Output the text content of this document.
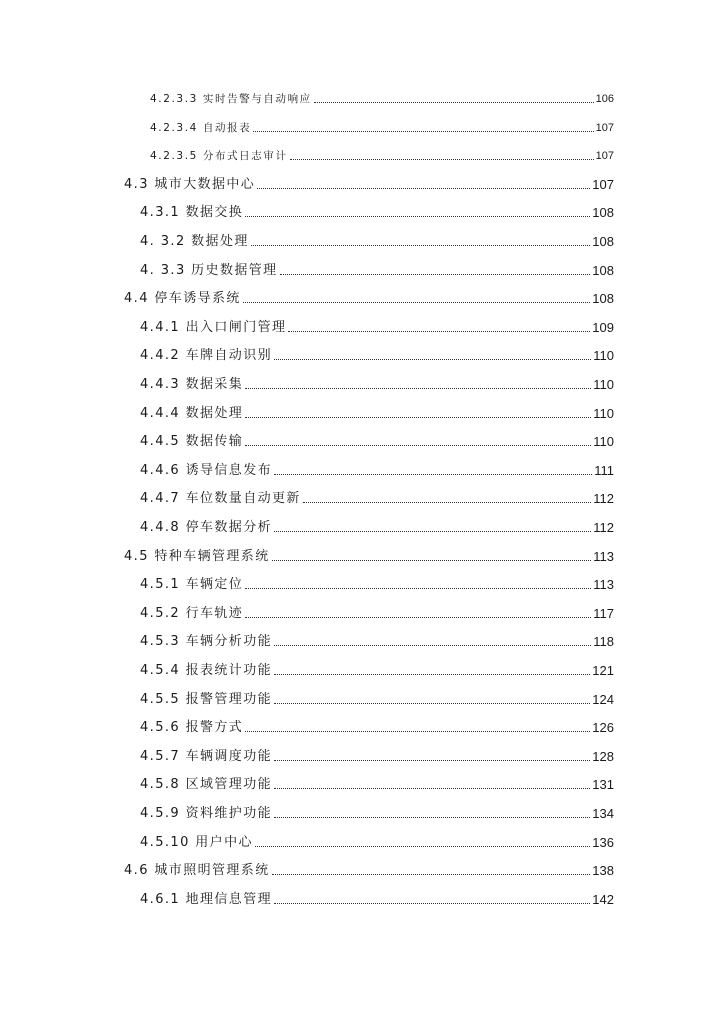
4.2.3.3 实时告警与自动响应	106
4.2.3.4 自动报表	107
4.2.3.5 分布式日志审计	107
4.3 城市大数据中心	107
4.3.1 数据交换	108
4. 3.2 数据处理	108
4. 3.3 历史数据管理	108
4.4 停车诱导系统	108
4.4.1 出入口闸门管理	109
4.4.2 车牌自动识别	110
4.4.3 数据采集	110
4.4.4 数据处理	110
4.4.5 数据传输	110
4.4.6 诱导信息发布	111
4.4.7 车位数量自动更新	112
4.4.8 停车数据分析	112
4.5 特种车辆管理系统	113
4.5.1 车辆定位	113
4.5.2 行车轨迹	117
4.5.3 车辆分析功能	118
4.5.4 报表统计功能	121
4.5.5 报警管理功能	124
4.5.6 报警方式	126
4.5.7 车辆调度功能	128
4.5.8 区域管理功能	131
4.5.9 资料维护功能	134
4.5.10 用户中心	136
4.6 城市照明管理系统	138
4.6.1 地理信息管理	142
